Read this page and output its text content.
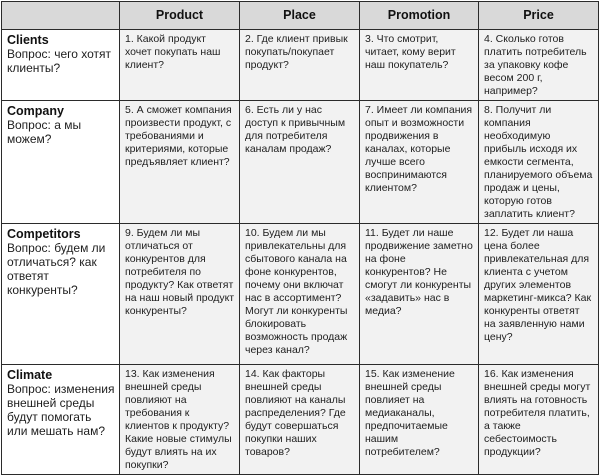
	Product	Place	Promotion	Price

Clients
Вопрос: чего хотят клиенты?	1. Какой продукт хочет покупать наш клиент?	2. Где клиент привык покупать/покупает продукт?	3. Что смотрит, читает, кому верит наш покупатель?	4. Сколько готов платить потребитель за упаковку кофе весом 200 г, например?

Company
Вопрос: а мы можем?	5. А сможет компания произвести продукт, с требованиями и критериями, которые предъявляет клиент?	6. Есть ли у нас доступ к привычным для потребителя каналам продаж?	7. Имеет ли компания опыт и возможности продвижения в каналах, которые лучше всего воспринимаются клиентом?	8. Получит ли компания необходимую прибыль исходя их емкости сегмента, планируемого объема продаж и цены, которую готов заплатить клиент?

Competitors
Вопрос: будем ли отличаться? как ответят конкуренты?	9. Будем ли мы отличаться от конкурентов для потребителя по продукту? Как ответят на наш новый продукт конкуренты?	10. Будем ли мы привлекательны для сбытового канала на фоне конкурентов, почему они включат нас в ассортимент? Могут ли конкуренты блокировать возможность продаж через канал?	11. Будет ли наше продвижение заметно на фоне конкурентов? Не смогут ли конкуренты «задавить» нас в медиа?	12. Будет ли наша цена более привлекательная для клиента с учетом других элементов маркетинг-микса? Как конкуренты ответят на заявленную нами цену?

Climate
Вопрос: изменения внешней среды будут помогать или мешать нам?	13. Как изменения внешней среды повлияют на требования к клиентов к продукту? Какие новые стимулы будут влиять на их покупки?	14. Как факторы внешней среды повлияют на каналы распределения? Где будут совершаться покупки наших товаров?	15. Как изменение внешней среды повлияет на медиаканалы, предпочитаемые нашим потребителем?	16. Как изменения внешней среды могут влиять на готовность потребителя платить, а также себестоимость продукции?
